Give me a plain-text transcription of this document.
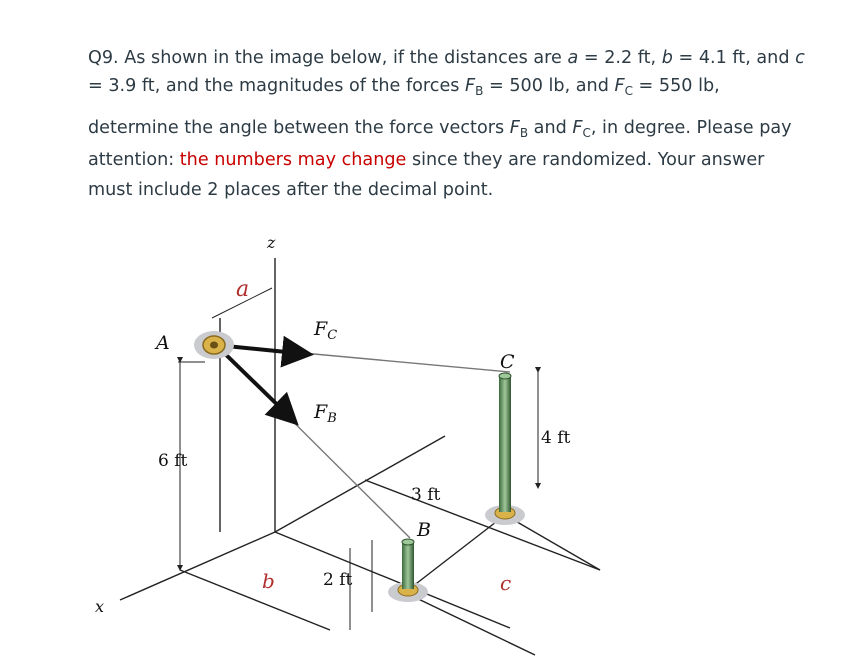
Q9. As shown in the image below, if the distances are a = 2.2 ft, b = 4.1 ft, and c
= 3.9 ft, and the magnitudes of the forces $F_B = 500$ lb, and $F_C = 550$ lb,
determine the angle between the force vectors $F_B$ and $F_C$, in degree. Please pay
attention: the numbers may change since they are randomized. Your answer
must include 2 places after the decimal point.
z
x
A
C
B
$F_C$
$F_B$
6 ft
4 ft
3 ft
2 ft
a
b	c
